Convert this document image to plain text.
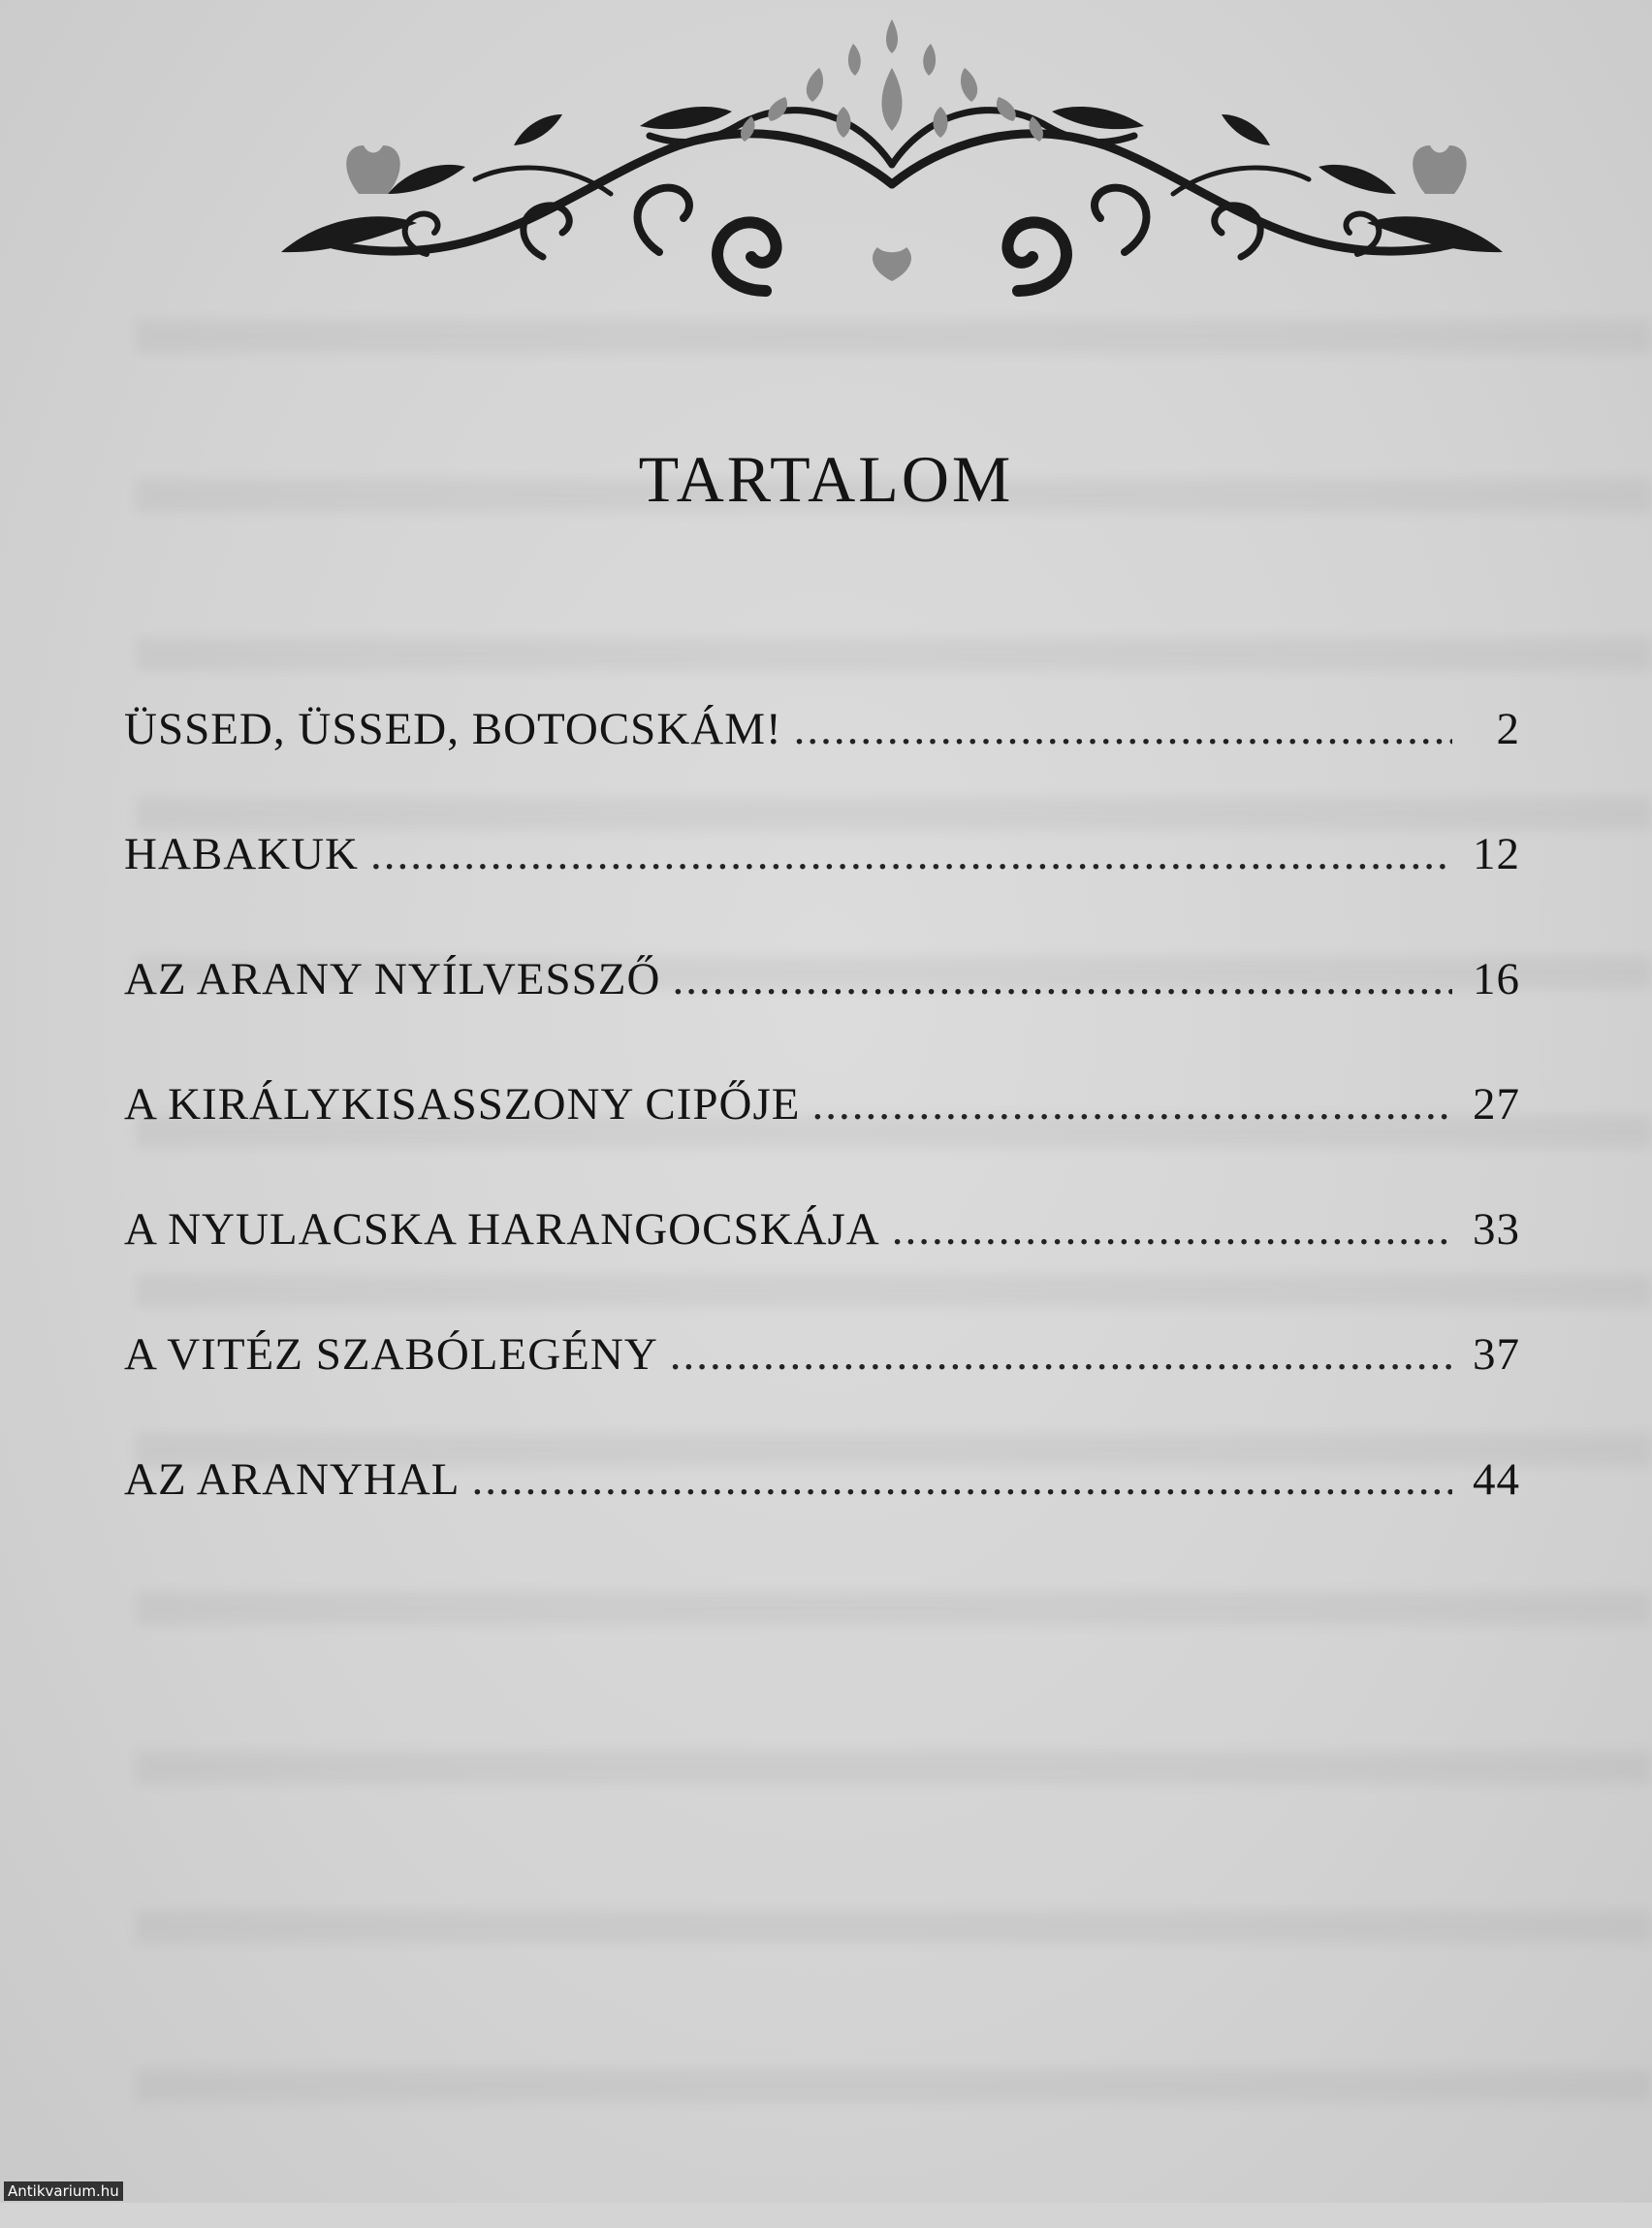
TARTALOM
ÜSSED, ÜSSED, BOTOCSKÁM! .....	2
HABAKUK .....	12
AZ ARANY NYÍLVESSZŐ .....	16
A KIRÁLYKISASSZONY CIPŐJE .....	27
A NYULACSKA HARANGOCSKÁJA .....	33
A VITÉZ SZABÓLEGÉNY .....	37
AZ ARANYHAL .....	44
Antikvarium.hu
